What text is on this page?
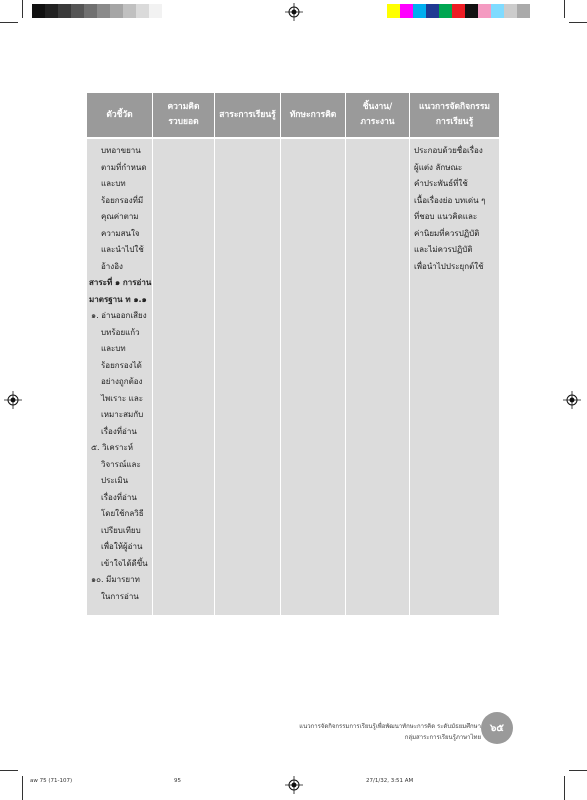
ตัวชี้วัด
ความคิด
รวบยอด
สาระการเรียนรู้ ทักษะการคิด
ชิ้นงาน/
ภาระงาน
แนวการจัดกิจกรรม
การเรียนรู้
บทอาขยาน
ตามที่กำหนด
และบท
ร้อยกรองที่มี
คุณค่าตาม
ความสนใจ
และนำไปใช้
อ้างอิง
สาระที่ ๑ การอ่าน
มาตรฐาน ท ๑.๑
๑. อ่านออกเสียง
บทร้อยแก้ว
และบท
ร้อยกรองได้
อย่างถูกต้อง
ไพเราะ และ
เหมาะสมกับ
เรื่องที่อ่าน
๕. วิเคราะห์
วิจารณ์และ
ประเมิน
เรื่องที่อ่าน
โดยใช้กลวิธี
เปรียบเทียบ
เพื่อให้ผู้อ่าน
เข้าใจได้ดีขึ้น
๑๐. มีมารยาท
ในการอ่าน
ประกอบด้วยชื่อเรื่อง
ผู้แต่ง ลักษณะ
คำประพันธ์ที่ใช้
เนื้อเรื่องย่อ บทเด่น ๆ
ที่ชอบ แนวคิดและ
ค่านิยมที่ควรปฏิบัติ
และไม่ควรปฏิบัติ
เพื่อนำไปประยุกต์ใช้
แนวการจัดกิจกรรมการเรียนรู้เพื่อพัฒนาทักษะการคิด ระดับมัธยมศึกษา
กลุ่มสาระการเรียนรู้ภาษาไทย
๖๕
aw 75 (71-107)	95	27/1/32, 3:51 AM
